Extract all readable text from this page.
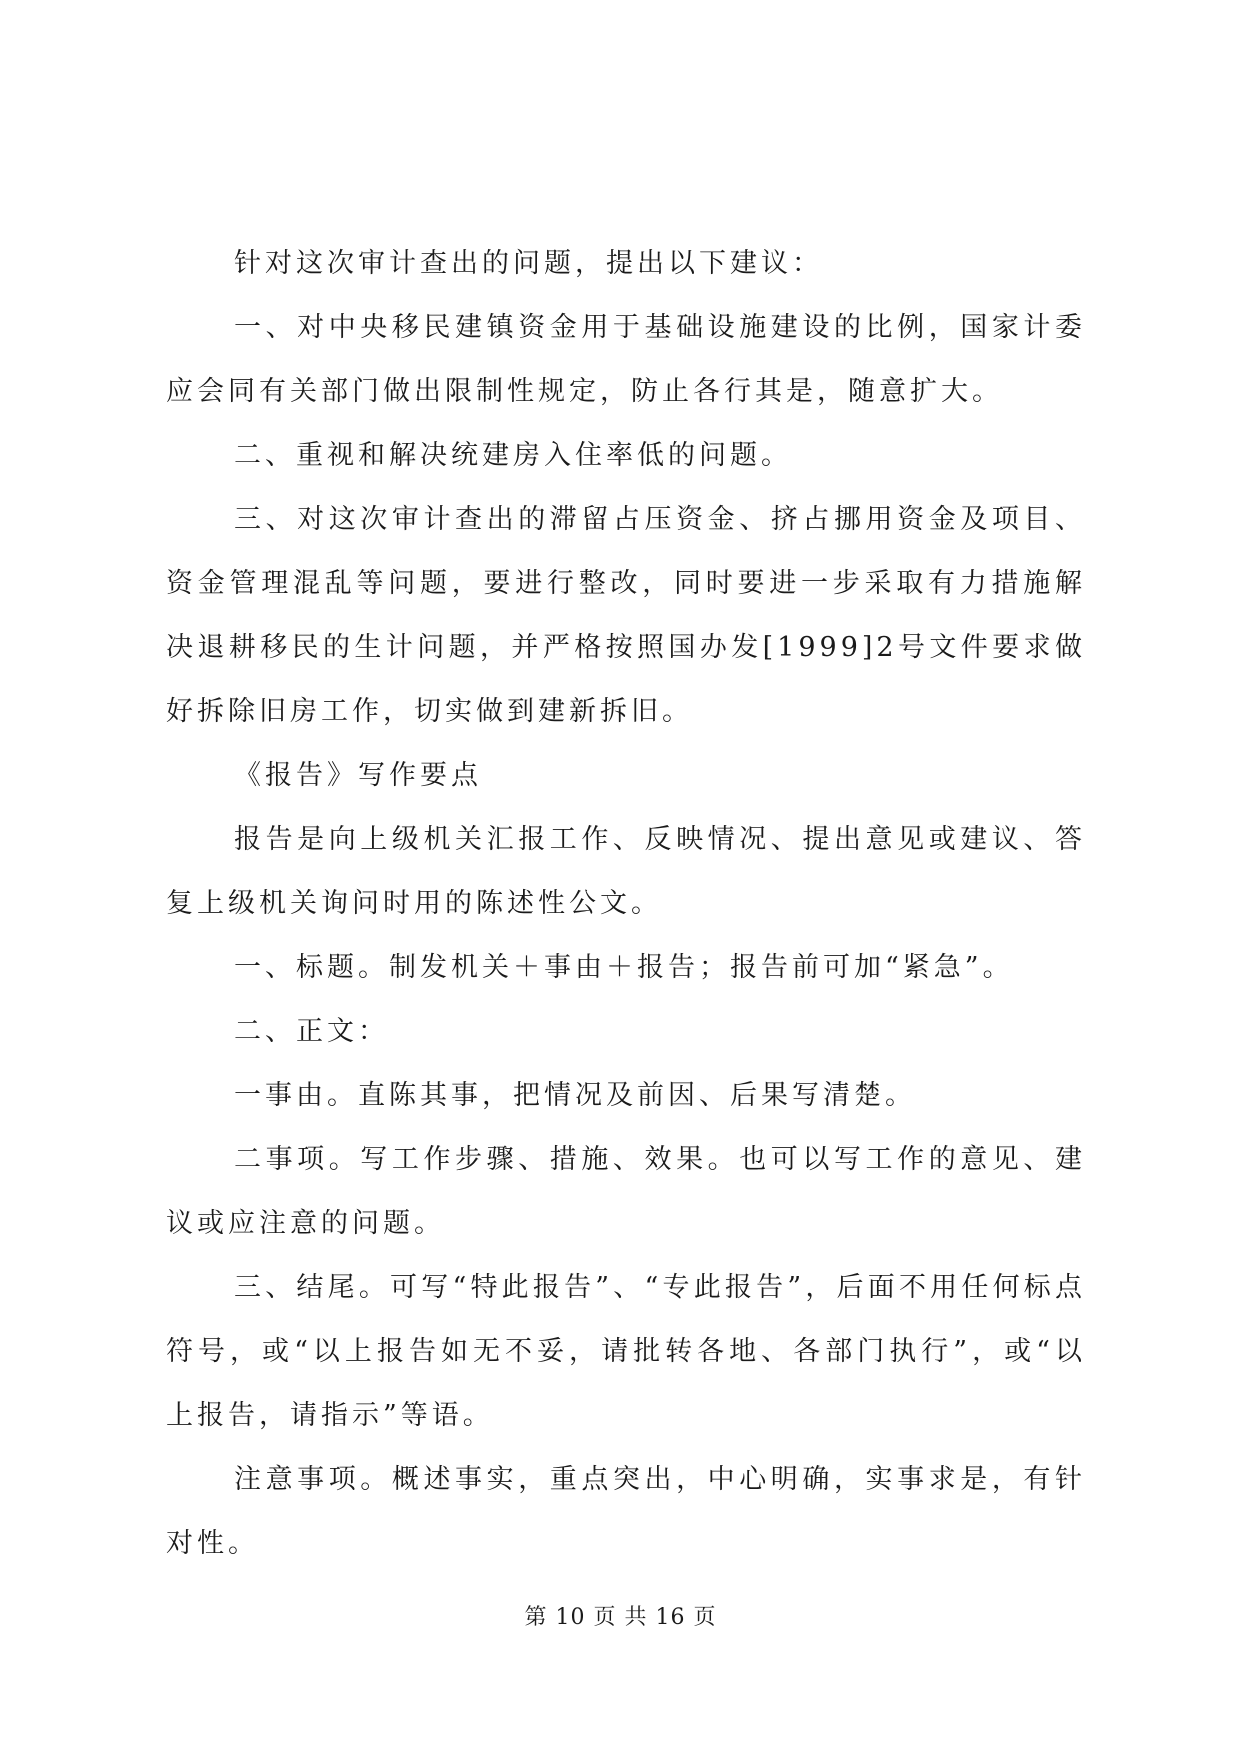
针对这次审计查出的问题，提出以下建议：

一、对中央移民建镇资金用于基础设施建设的比例，国家计委应会同有关部门做出限制性规定，防止各行其是，随意扩大。

二、重视和解决统建房入住率低的问题。

三、对这次审计查出的滞留占压资金、挤占挪用资金及项目、资金管理混乱等问题，要进行整改，同时要进一步采取有力措施解决退耕移民的生计问题，并严格按照国办发[1999]2号文件要求做好拆除旧房工作，切实做到建新拆旧。

《报告》写作要点

报告是向上级机关汇报工作、反映情况、提出意见或建议、答复上级机关询问时用的陈述性公文。

一、标题。制发机关＋事由＋报告；报告前可加“紧急”。

二、正文：

一事由。直陈其事，把情况及前因、后果写清楚。

二事项。写工作步骤、措施、效果。也可以写工作的意见、建议或应注意的问题。

三、结尾。可写“特此报告”、“专此报告”，后面不用任何标点符号，或“以上报告如无不妥，请批转各地、各部门执行”，或“以上报告，请指示”等语。

注意事项。概述事实，重点突出，中心明确，实事求是，有针对性。

第 10 页 共 16 页
